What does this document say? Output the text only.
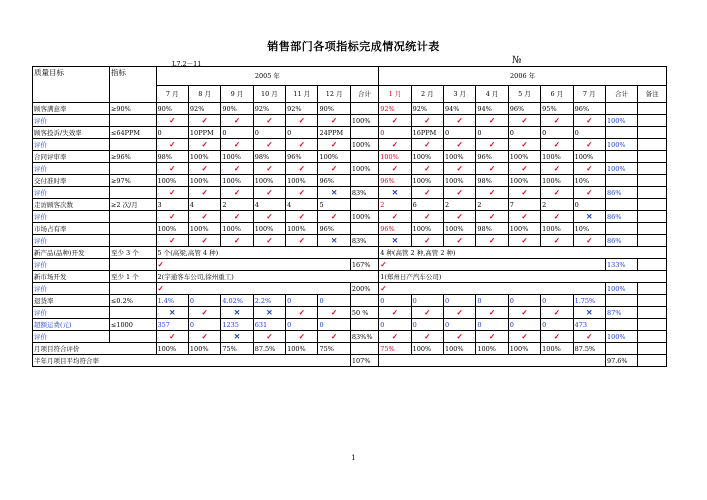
销售部门各项指标完成情况统计表
L7.2－11	№
质量目标	指标	2005 年							2006 年								
		7 月	8 月	9 月	10 月	11 月	12 月	合计	1 月	2 月	3 月	4 月	5 月	6 月	7 月	合计	备注
顾客满意率	≥90%	90%	92%	90%	92%	92%	90%		92%	92%	94%	94%	96%	95%	96%		
评价		✓	✓	✓	✓	✓	✓	100%	✓	✓	✓	✓	✓	✓	✓	100%	
顾客投诉/失效率	≤64PPM	0	10PPM	0	0	0	24PPM		0	16PPM	0	0	0	0	0		
评价		✓	✓	✓	✓	✓	✓	100%	✓	✓	✓	✓	✓	✓	✓	100%	
合同评审率	≥96%	98%	100%	100%	98%	96%	100%		100%	100%	100%	96%	100%	100%	100%		
评价		✓	✓	✓	✓	✓	✓	100%	✓	✓	✓	✓	✓	✓	✓	100%	
交付准时率	≥97%	100%	100%	100%	100%	100%	96%		96%	100%	100%	98%	100%	100%	10%		
评价		✓	✓	✓	✓	✓	✕	83%	✕	✓	✓	✓	✓	✓	✓	86%	
走访顾客次数	≥2 次/月	3	4	2	4	4	5		2	6	2	2	7	2	0		
评价		✓	✓	✓	✓	✓	✓	100%	✓	✓	✓	✓	✓	✓	✕	86%	
市场占有率		100%	100%	100%	100%	100%	96%		96%	100%	100%	98%	100%	100%	10%		
评价		✓	✓	✓	✓	✓	✕	83%	✕	✓	✓	✓	✓	✓	✓	86%	
新产品(品种)开发	至少 3 个	5 个(高梁,高管 4 种)							4 种(高管 2 种,高管 2 种)								
评价		✓						167%	✓							133%	
新市场开发	至少 1 个	2(宇通客车公司,徐州重工)							1(郑州日产汽车公司)								
评价		✓						200%	✓							100%	
退货率	≤0.2%	1.4%	0	4.02%	2.2%	0	0		0	0	0	0	0	0	1.75%		
评价		✕	✓	✕	✕	✓	✓	50 %	✓	✓	✓	✓	✓	✓	✕	87%	
超额运费(元)	≤1000	357	0	1235	631	0	0		0	0	0	0	0	0	473		
评价		✓	✓	✕	✓	✓	✓	83%%	✓	✓	✓	✓	✓	✓	✓	100%	
月项目符合评价		100%	100%	75%	87.5%	100%	75%		75%	100%	100%	100%	100%	100%	87.5%		
半年月项目平均符合率								107%								97.6%	
1
